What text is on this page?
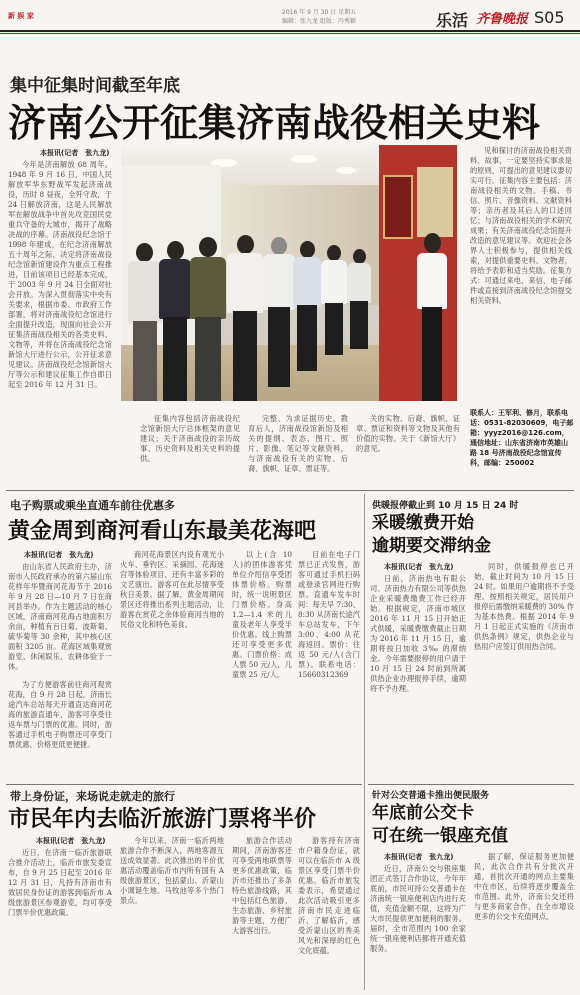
新 娱 家	2016 年 9 月 30 日 星期五
编辑：张九龙 组版：冯秀颖	乐活 齐鲁晚报 S05
集中征集时间截至年底
济南公开征集济南战役相关史料
本报讯(记者　张九龙)
今年是济南解放 68 周年。1948 年 9 月 16 日，中国人民解放军华东野战军发起济南战役，历时 8 昼夜，全歼守敌，于 24 日解放济南，这是人民解放军在解放战争中首先攻克国民党重兵守备的大城市，揭开了战略决战的序幕。济南战役纪念馆于 1998 年建成，在纪念济南解放五十周年之际，决定将济南战役纪念馆新馆建设作为重点工程推进，目前该项目已经基本完成，于 2003 年 9 月 24 日全面对社会开放。为深入贯彻落实中央有关要求，根据市委、市政府工作部署，将对济南战役纪念馆进行全面提升改造，现面向社会公开征集济南战役相关的各类史料、文物等，并将在济南战役纪念馆新馆大厅进行公示，公开征求意见建议。济南战役纪念馆新馆大厅等公示和建议征集工作自即日起至 2016 年 12 月 31 日。
见和探讨的济南战役相关资料、故事，一定要坚持实事求是的原则，可提出的意见建议要切实可行。征集内容主要包括：济南战役相关的文物、手稿、书信、照片、音像资料、文献资料等；亲历者及其后人的口述回忆；与济南战役相关的学术研究成果；有关济南战役纪念馆提升改造的意见建议等。欢迎社会各界人士积极参与，提供相关线索，对提供重要史料、文物者，将给予表彰和适当奖励。征集方式：可通过来电、来信、电子邮件或直接到济南战役纪念馆提交相关资料。
联系人：王军利、修月，联系电话：0531-82030609，电子邮箱：yyyz2016@126.com，通信地址：山东省济南市英雄山路 18 号济南战役纪念馆宣传科，邮编：250002
征集内容包括济南战役纪念馆新馆大厅总体框架的意见建议；关于济南战役的亲历故事、历史资料及相关史料的提供。
完整、为求证据历史，教育后人，济南战役馆新馆及相关的提纲、表态、图片、照片、影像、笔记等文献资料，与济南战役有关的实物、后裔、旗帜、证章、票证等。
关的实物、后裔、旗帜、证章、票证和资料等文物及其他有价值的实物。关于《新馆大厅》的意见。
电子购票或乘坐直通车前往优惠多
黄金周到商河看山东最美花海吧
本报讯(记者　张九龙)
由山东省人民政府主办，济南市人民政府承办的第六届山东花样年华暨商河花海节于 2016 年 9 月 28 日—10 月 7 日在商河县举办。作为主题活动的核心区域，济南商河花海占地面积万余亩，种植有百日菊、波斯菊、硫华菊等 30 余种，其中核心区面积 3205 亩。花海区域集观赏游览、休闲娱乐、农耕体验于一体。
商河花海景区内设有观光小火车、垂钓区、采摘园、花海迷宫等体验项目，还有丰富多彩的文艺演出，游客可在此尽情享受秋日美景。据了解，黄金周期间景区还将推出系列主题活动，让游客在赏花之余体验商河当地的民俗文化和特色美食。
以上(含 10 人)的团体游客凭单位介绍信享受团体票价格。购票时，统一说明景区门票价格。身高 1.2—1.4 米的儿童及老年人享受半价优惠。线上购票还可享受更多优惠。门票价格：成人票 50 元/人，儿童票 25 元/人。
目前在电子门票已正式发售，游客可通过手机扫码或登录官网进行购票。直通车发车时间：每天早 7:30、8:30 从济南长途汽车总站发车，下午 3:00、4:00 从花海返回。票价：往返 50 元/人(含门票)。联系电话：15660312369
为了方便游客前往商河观赏花海，自 9 月 28 日起，济南长途汽车总站每天开通直达商河花海的旅游直通车，游客可享受往返车票与门票的优惠。同时，游客通过手机电子购票还可享受门票优惠，价格更低更便捷。
供暖报停截止到 10 月 15 日 24 时
采暖缴费开始
逾期要交滞纳金
本报讯(记者　张九龙)
日前，济南热电有限公司、济南热力有限公司等供热企业采暖费缴费工作已经开始。根据规定，济南市城区 2016 年 11 月 15 日开始正式供暖，采暖费缴费截止日期为 2016 年 11 月 15 日，逾期将按日加收 3‰ 的滞纳金。今年需要报停的用户请于 10 月 15 日 24 时前到所属供热企业办理报停手续，逾期将不予办理。
同时，供暖报停也已开始，截止时间为 10 月 15 日 24 时。如果用户逾期将不予受理。按照相关规定，居民用户报停后需缴纳采暖费的 30% 作为基本热费。根据 2014 年 9 月 1 日起正式实施的《济南市供热条例》规定，供热企业与热用户应签订供用热合同。
带上身份证，来场说走就走的旅行
市民年内去临沂旅游门票将半价
本报讯(记者　张九龙)
近日，在济南一临沂旅游联合推介活动上，临沂市旅发委宣布，自 9 月 25 日起至 2016 年 12 月 31 日，凡持有济南市有效居民身份证的游客到临沂市 A 级旅游景区参观游览，均可享受门票半价优惠政策。
今年以来，济南一临沂两地旅游合作不断深入，两地客源互送成效显著。此次推出的半价优惠活动覆盖临沂市内所有国有 A 级旅游景区，包括蒙山、沂蒙山小调诞生地、马牧池等多个热门景点。
旅游合作活动期间，济南游客还可享受两地联票等更多优惠政策，临沂市还推出了多条特色旅游线路，其中包括红色旅游、生态旅游、乡村旅游等主题，方便广大游客出行。
游客持有济南市户籍身份证，就可以在临沂市 A 级景区享受门票半价优惠。临沂市旅发委表示，希望通过此次活动吸引更多济南市民走进临沂、了解临沂，感受沂蒙山区的秀美风光和深厚的红色文化底蕴。
针对公交普通卡推出便民服务
年底前公交卡
可在统一银座充值
本报讯(记者　张九龙)
近日，济南公交与银座集团正式签订合作协议，今年年底前，市民可持公交普通卡在济南统一银座便利店内进行充值，充值金额不限，这将为广大市民提供更加便利的服务。届时，全市范围内 100 余家统一银座便利店都将开通充值服务。
据了解，保证服务更加便民，此次合作共有分批次开通，首批次开通的网点主要集中在市区，后续将逐步覆盖全市范围。此外，济南公交还将与更多商家合作，在全市增设更多的公交卡充值网点。
